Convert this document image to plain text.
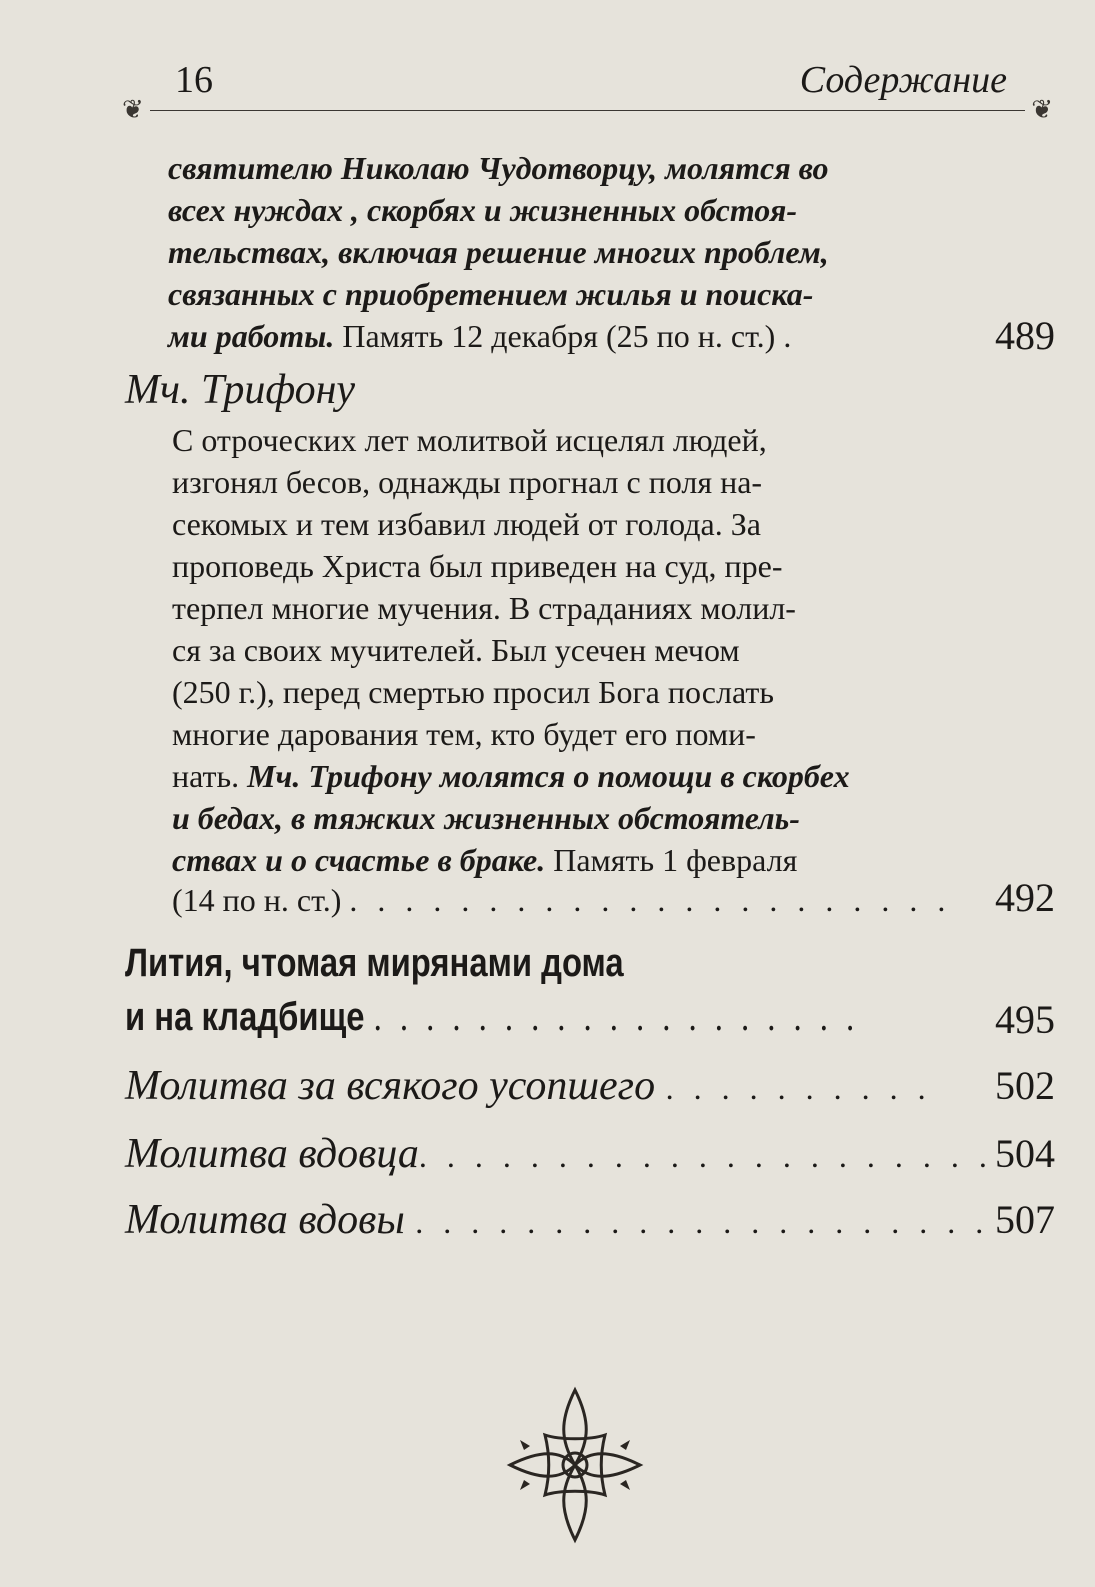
16	Содержание
❦	❦
святителю Николаю Чудотворцу, молятся во
всех нуждах , скорбях и жизненных обстоя-
тельствах, включая решение многих проблем,
связанных с приобретением жилья и поиска-
ми работы. Память 12 декабря (25 по н. ст.) .	489
Мч. Трифону
С отроческих лет молитвой исцелял людей,
изгонял бесов, однажды прогнал с поля на-
секомых и тем избавил людей от голода. За
проповедь Христа был приведен на суд, пре-
терпел многие мучения. В страданиях молил-
ся за своих мучителей. Был усечен мечом
(250 г.), перед смертью просил Бога послать
многие дарования тем, кто будет его поми-
нать. Мч. Трифону молятся о помощи в скорбех
и бедах, в тяжких жизненных обстоятель-
ствах и о счастье в браке. Память 1 февраля
(14 по н. ст.) . . . . . . . . . . . . . . . . . . . . . . 492
Лития, чтомая мирянами дома
и на кладбище . . . . . . . . . . . . . . . . . . .	495
Молитва за всякого усопшего . . . . . . . . . . 502
Молитва вдовца. . . . . . . . . . . . . . . . . . . . . 504
Молитва вдовы . . . . . . . . . . . . . . . . . . . . . 507
